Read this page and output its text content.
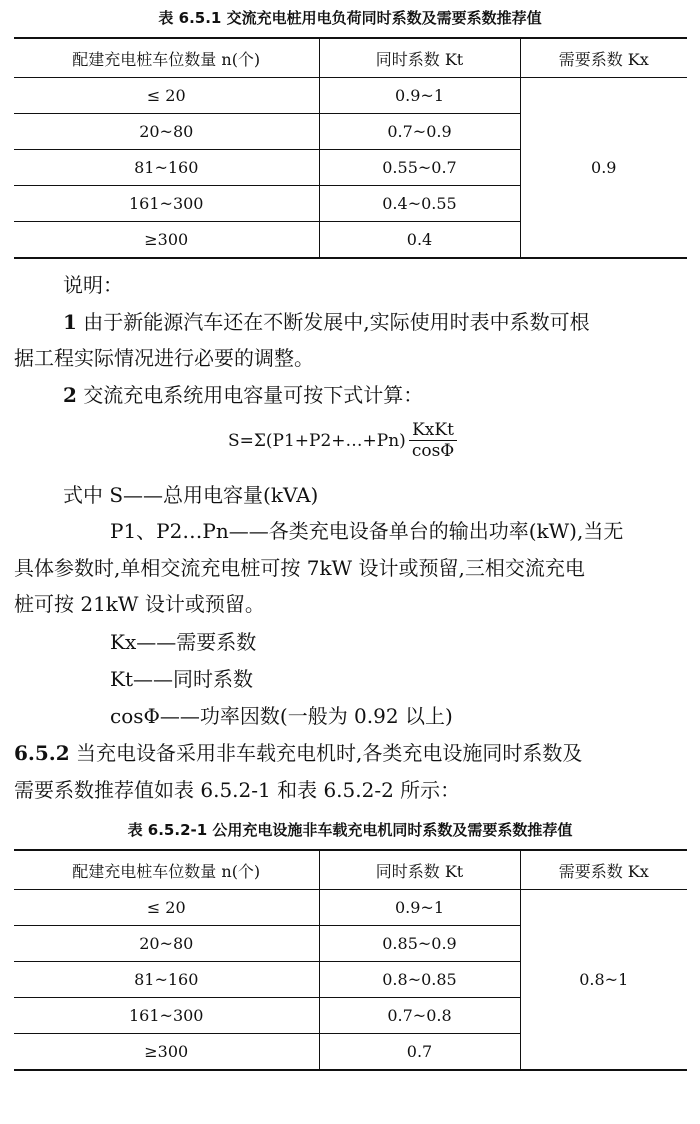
表 6.5.1 交流充电桩用电负荷同时系数及需要系数推荐值
配建充电桩车位数量 n(个)	同时系数 Kt	需要系数 Kx
≤ 20	0.9~1	0.9
20~80	0.7~0.9	
81~160	0.55~0.7	
161~300	0.4~0.55	
≥300	0.4	
说明：
1 由于新能源汽车还在不断发展中,实际使用时表中系数可根
据工程实际情况进行必要的调整。
2 交流充电系统用电容量可按下式计算：
S=Σ(P1+P2+…+Pn) $\frac{\text{KxKt}}{\cos\Phi}$
式中 S——总用电容量(kVA)
P1、P2…Pn——各类充电设备单台的输出功率(kW),当无
具体参数时,单相交流充电桩可按 7kW 设计或预留,三相交流充电
桩可按 21kW 设计或预留。
Kx——需要系数
Kt——同时系数
cosΦ——功率因数(一般为 0.92 以上)
6.5.2 当充电设备采用非车载充电机时,各类充电设施同时系数及
需要系数推荐值如表 6.5.2-1 和表 6.5.2-2 所示：
表 6.5.2-1 公用充电设施非车载充电机同时系数及需要系数推荐值
配建充电桩车位数量 n(个)	同时系数 Kt	需要系数 Kx
≤ 20	0.9~1	0.8~1
20~80	0.85~0.9	
81~160	0.8~0.85	
161~300	0.7~0.8	
≥300	0.7	
